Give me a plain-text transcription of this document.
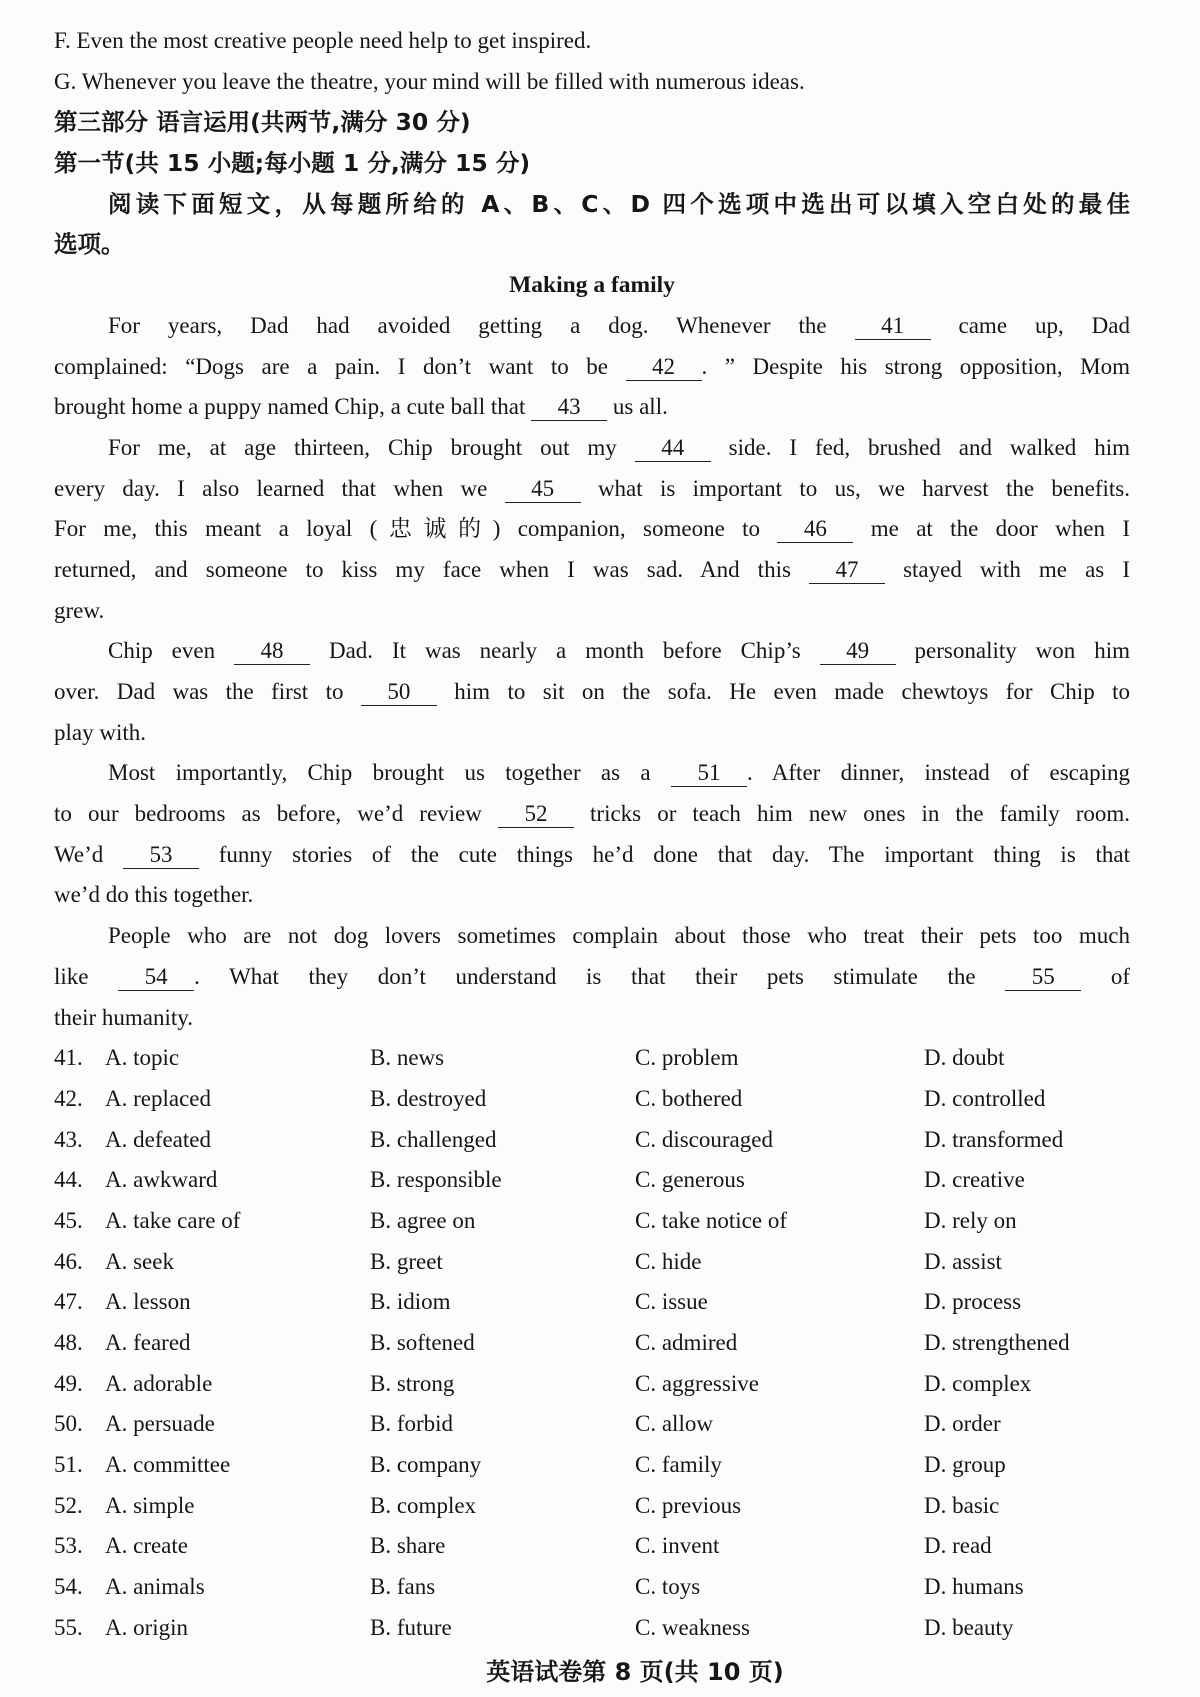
F. Even the most creative people need help to get inspired.
G. Whenever you leave the theatre, your mind will be filled with numerous ideas.
第三部分 语言运用(共两节,满分 30 分)
第一节(共 15 小题;每小题 1 分,满分 15 分)
阅读下面短文，从每题所给的 A、B、C、D 四个选项中选出可以填入空白处的最佳
选项。
Making a family
For years, Dad had avoided getting a dog. Whenever the 41 came up, Dad
complained: “Dogs are a pain. I don’t want to be 42 . ” Despite his strong opposition, Mom
brought home a puppy named Chip, a cute ball that 43 us all.
For me, at age thirteen, Chip brought out my 44 side. I fed, brushed and walked him
every day. I also learned that when we 45 what is important to us, we harvest the benefits.
For me, this meant a loyal (忠诚的) companion, someone to 46 me at the door when I
returned, and someone to kiss my face when I was sad. And this 47 stayed with me as I
grew.
Chip even 48 Dad. It was nearly a month before Chip’s 49 personality won him
over. Dad was the first to 50 him to sit on the sofa. He even made chewtoys for Chip to
play with.
Most importantly, Chip brought us together as a 51 . After dinner, instead of escaping
to our bedrooms as before, we’d review 52 tricks or teach him new ones in the family room.
We’d 53 funny stories of the cute things he’d done that day. The important thing is that
we’d do this together.
People who are not dog lovers sometimes complain about those who treat their pets too much
like 54 . What they don’t understand is that their pets stimulate the 55 of
their humanity.
41. A. topic	B. news	C. problem	D. doubt
42. A. replaced	B. destroyed	C. bothered	D. controlled
43. A. defeated	B. challenged	C. discouraged	D. transformed
44. A. awkward	B. responsible	C. generous	D. creative
45. A. take care of	B. agree on	C. take notice of	D. rely on
46. A. seek	B. greet	C. hide	D. assist
47. A. lesson	B. idiom	C. issue	D. process
48. A. feared	B. softened	C. admired	D. strengthened
49. A. adorable	B. strong	C. aggressive	D. complex
50. A. persuade	B. forbid	C. allow	D. order
51. A. committee	B. company	C. family	D. group
52. A. simple	B. complex	C. previous	D. basic
53. A. create	B. share	C. invent	D. read
54. A. animals	B. fans	C. toys	D. humans
55. A. origin	B. future	C. weakness	D. beauty
英语试卷第 8 页(共 10 页)
